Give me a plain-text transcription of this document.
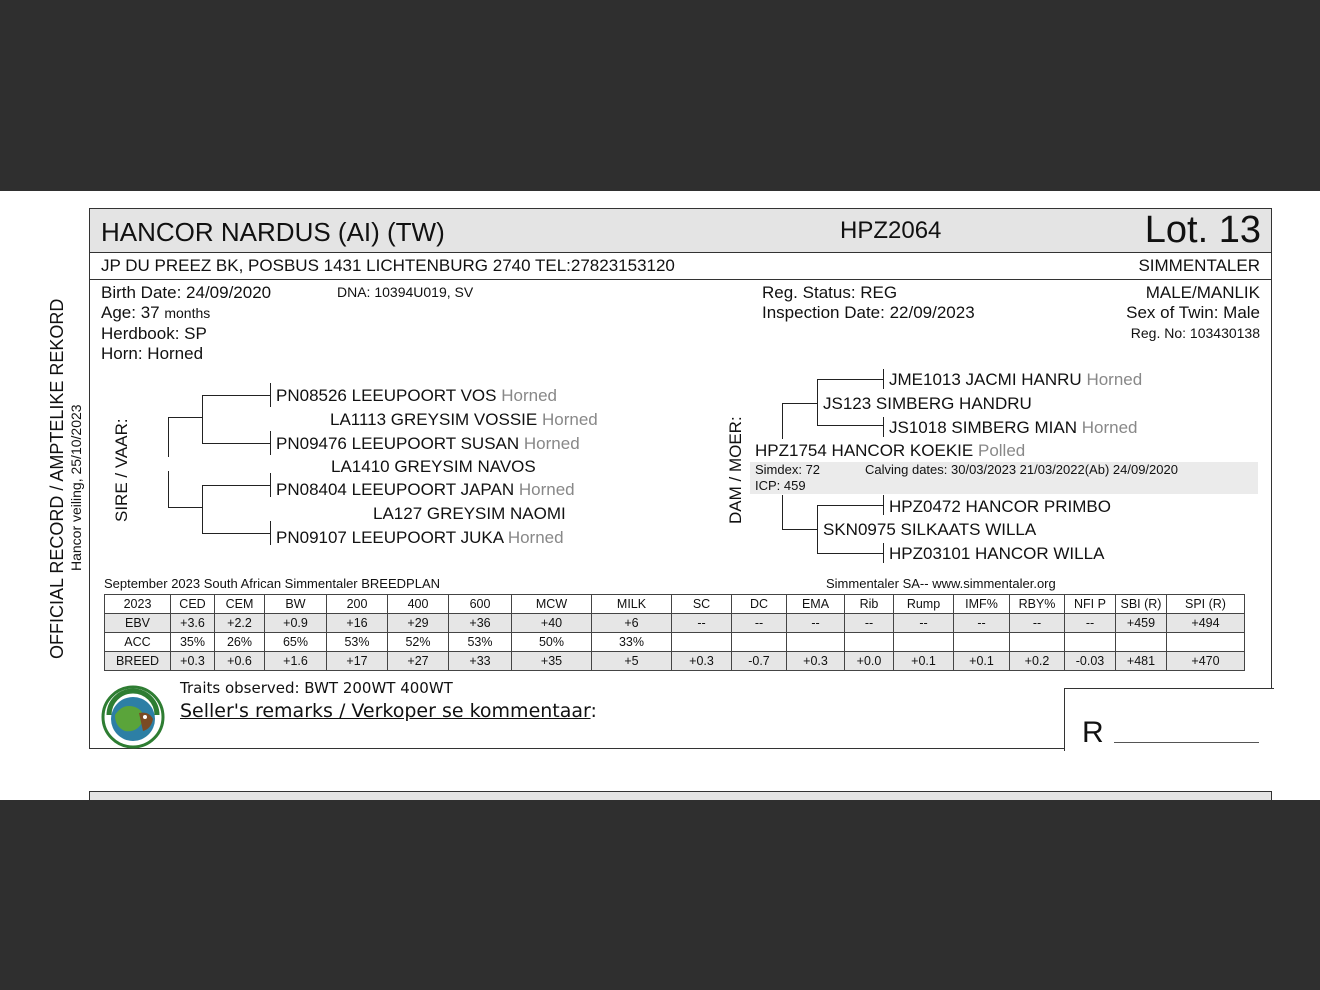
OFFICIAL RECORD / AMPTELIKE REKORD Hancor veiling, 25/10/2023
HANCOR NARDUS (AI) (TW)	HPZ2064	Lot. 13
JP DU PREEZ BK, POSBUS 1431 LICHTENBURG 2740 TEL:27823153120	SIMMENTALER
Birth Date: 24/09/2020	DNA: 10394U019, SV
Age: 37 months
Herdbook: SP
Horn: Horned
Reg. Status: REG
Inspection Date: 22/09/2023
MALE/MANLIK
Sex of Twin: Male
Reg. No: 103430138
SIRE / VAAR:
PN08526 LEEUPOORT VOS Horned
LA1113 GREYSIM VOSSIE Horned
PN09476 LEEUPOORT SUSAN Horned
LA1410 GREYSIM NAVOS
PN08404 LEEUPOORT JAPAN Horned
LA127 GREYSIM NAOMI
PN09107 LEEUPOORT JUKA Horned
DAM / MOER:
JME1013 JACMI HANRU Horned
JS123 SIMBERG HANDRU
JS1018 SIMBERG MIAN Horned
HPZ1754 HANCOR KOEKIE Polled
Simdex: 72
ICP: 459
Calving dates: 30/03/2023 21/03/2022(Ab) 24/09/2020
HPZ0472 HANCOR PRIMBO
SKN0975 SILKAATS WILLA
HPZ03101 HANCOR WILLA
September 2023 South African Simmentaler BREEDPLAN	Simmentaler SA-- www.simmentaler.org
2023	CED	CEM	BW	200	400	600	MCW	MILK	SC	DC	EMA	Rib	Rump	IMF%	RBY%	NFI P	SBI (R)	SPI (R)
EBV	+3.6	+2.2	+0.9	+16	+29	+36	+40	+6	--	--	--	--	--	--	--	--	+459	+494
ACC	35%	26%	65%	53%	52%	53%	50%	33%										
BREED	+0.3	+0.6	+1.6	+17	+27	+33	+35	+5	+0.3	-0.7	+0.3	+0.0	+0.1	+0.1	+0.2	-0.03	+481	+470
Traits observed: BWT 200WT 400WT
Seller's remarks / Verkoper se kommentaar:
R
